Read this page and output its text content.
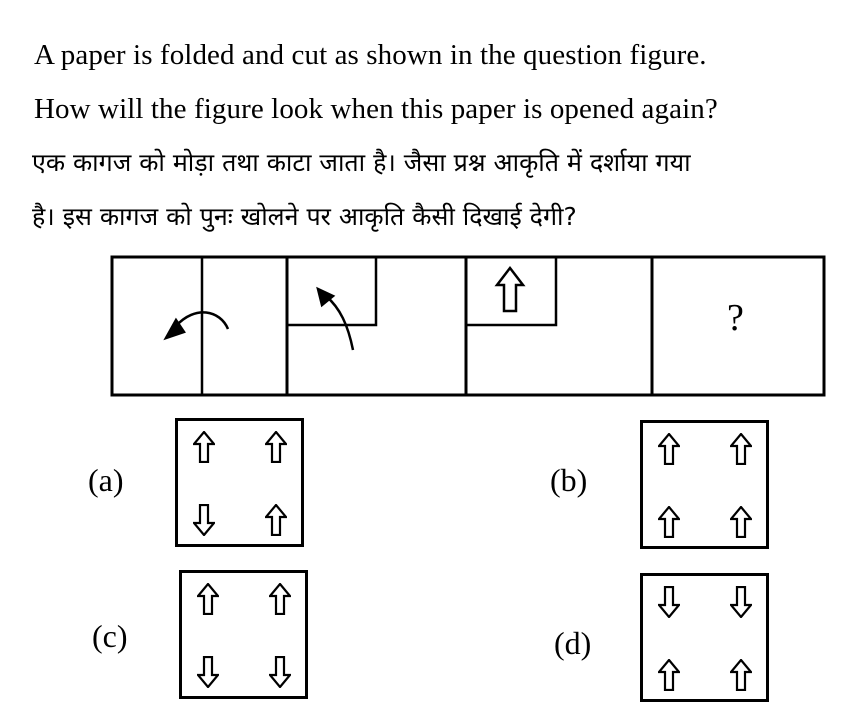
A paper is folded and cut as shown in the question figure.
How will the figure look when this paper is opened again?
एक कागज को मोड़ा तथा काटा जाता है। जैसा प्रश्न आकृति में दर्शाया गया
है। इस कागज को पुनः खोलने पर आकृति कैसी दिखाई देगी?
?
(a)	(b)
(c)	(d)
